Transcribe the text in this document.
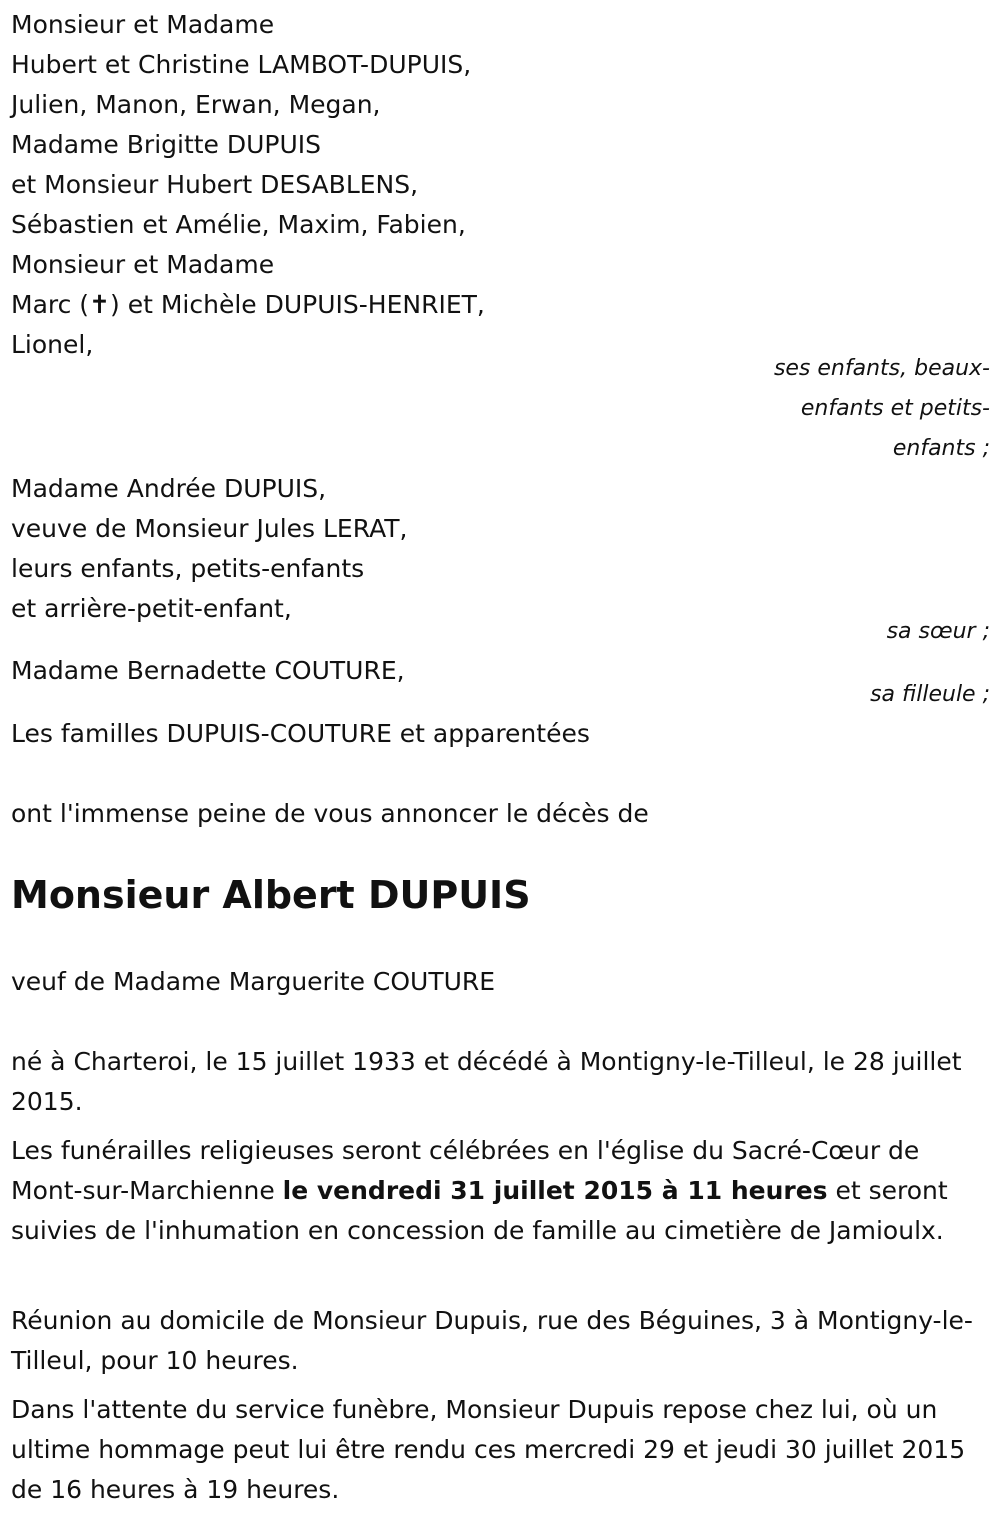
Monsieur et Madame
Hubert et Christine LAMBOT-DUPUIS,
Julien, Manon, Erwan, Megan,
Madame Brigitte DUPUIS
et Monsieur Hubert DESABLENS,
Sébastien et Amélie, Maxim, Fabien,
Monsieur et Madame
Marc (✝) et Michèle DUPUIS-HENRIET,
Lionel,
ses enfants, beaux-
enfants et petits-
enfants ;
Madame Andrée DUPUIS,
veuve de Monsieur Jules LERAT,
leurs enfants, petits-enfants
et arrière-petit-enfant,
sa sœur ;
Madame Bernadette COUTURE,
sa filleule ;
Les familles DUPUIS-COUTURE et apparentées
ont l'immense peine de vous annoncer le décès de
Monsieur Albert DUPUIS
veuf de Madame Marguerite COUTURE
né à Charteroi, le 15 juillet 1933 et décédé à Montigny-le-Tilleul, le 28 juillet 2015.
Les funérailles religieuses seront célébrées en l'église du Sacré-Cœur de Mont-sur-Marchienne le vendredi 31 juillet 2015 à 11 heures et seront suivies de l'inhumation en concession de famille au cimetière de Jamioulx.
Réunion au domicile de Monsieur Dupuis, rue des Béguines, 3 à Montigny-le-Tilleul, pour 10 heures.
Dans l'attente du service funèbre, Monsieur Dupuis repose chez lui, où un ultime hommage peut lui être rendu ces mercredi 29 et jeudi 30 juillet 2015 de 16 heures à 19 heures.
